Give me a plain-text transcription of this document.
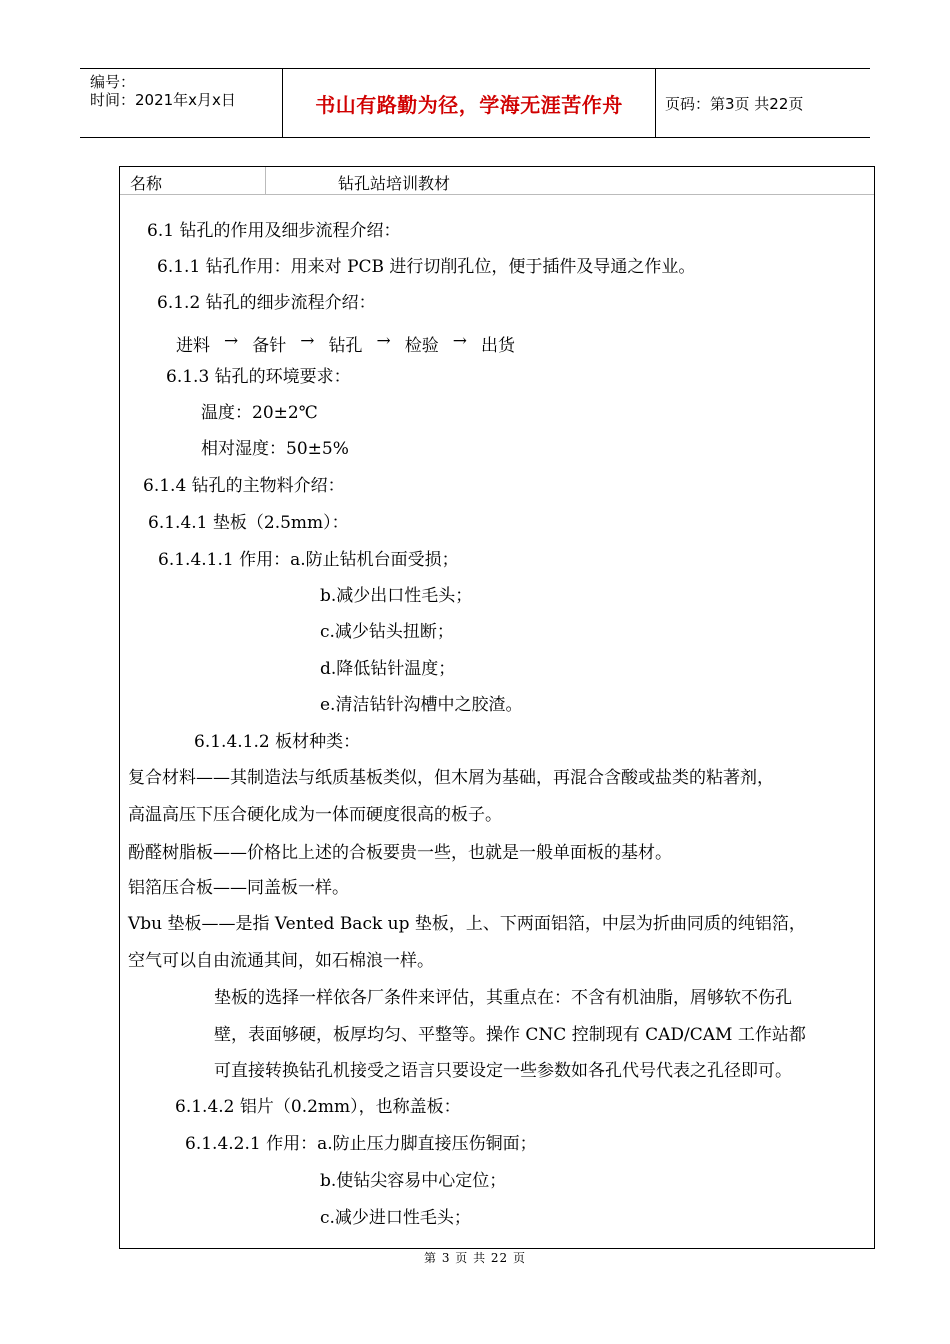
编号：
时间：2021年x月x日	书山有路勤为径，学海无涯苦作舟	页码：第3页 共22页
名称	钻孔站培训教材
6.1 钻孔的作用及细步流程介绍：
6.1.1 钻孔作用：用来对 PCB 进行切削孔位，便于插件及导通之作业。
6.1.2 钻孔的细步流程介绍：
进料 → 备针 → 钻孔 → 检验 → 出货
6.1.3 钻孔的环境要求：
温度：20±2℃
相对湿度：50±5%
6.1.4 钻孔的主物料介绍：
6.1.4.1 垫板（2.5mm）：
6.1.4.1.1 作用：a.防止钻机台面受损；
b.减少出口性毛头；
c.减少钻头扭断；
d.降低钻针温度；
e.清洁钻针沟槽中之胶渣。
6.1.4.1.2 板材种类：
复合材料——其制造法与纸质基板类似，但木屑为基础，再混合含酸或盐类的粘著剂，
高温高压下压合硬化成为一体而硬度很高的板子。
酚醛树脂板——价格比上述的合板要贵一些，也就是一般单面板的基材。
铝箔压合板——同盖板一样。
Vbu 垫板——是指 Vented Back up 垫板，上、下两面铝箔，中层为折曲同质的纯铝箔，
空气可以自由流通其间，如石棉浪一样。
垫板的选择一样依各厂条件来评估，其重点在：不含有机油脂，屑够软不伤孔
壁，表面够硬，板厚均匀、平整等。操作 CNC 控制现有 CAD/CAM 工作站都
可直接转换钻孔机接受之语言只要设定一些参数如各孔代号代表之孔径即可。
6.1.4.2 铝片（0.2mm），也称盖板：
6.1.4.2.1 作用：a.防止压力脚直接压伤铜面；
b.使钻尖容易中心定位；
c.减少进口性毛头；
第 3 页 共 22 页
